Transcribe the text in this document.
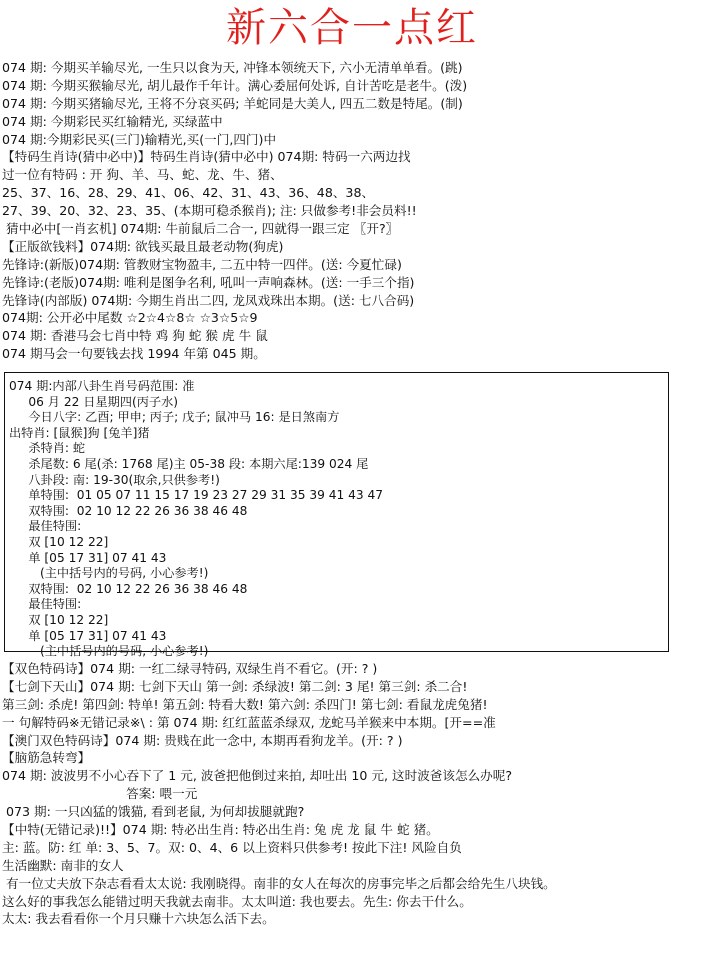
新六合一点红
074 期: 今期买羊输尽光, 一生只以食为天, 冲锋本领统天下, 六小无清单单看。(跳)
074 期: 今期买猴输尽光, 胡儿最作千年计。满心委屈何处诉, 自计苦吃是老牛。(泼)
074 期: 今期买猪输尽光, 王将不分哀买码; 羊蛇同是大美人, 四五二数是特尾。(制)
074 期: 今期彩民买红输精光, 买绿蓝中
074 期:今期彩民买(三门)输精光,买(一门,四门)中
【特码生肖诗(猜中必中)】特码生肖诗(猜中必中) 074期: 特码一六两边找
过一位有特码 : 开 狗、羊、马、蛇、龙、牛、猪、
25、37、16、28、29、41、06、42、31、43、36、48、38、
27、39、20、32、23、35、(本期可稳杀猴肖); 注: 只做参考!非会员料!!
猜中必中[一肖玄机] 074期: 牛前鼠后二合一, 四就得一跟三定 〖开?〗
【正版欲钱料】074期: 欲钱买最且最老动物(狗虎)
先锋诗:(新版)074期: 管教财宝物盈丰, 二五中特一四伴。(送: 今夏忙碌)
先锋诗:(老版)074期: 唯利是图争名利, 吼叫一声响森林。(送: 一手三个指)
先锋诗(内部版) 074期: 今期生肖出二四, 龙凤戏珠出本期。(送: 七八合码)
074期: 公开必中尾数 ☆2☆4☆8☆ ☆3☆5☆9
074 期: 香港马会七肖中特 鸡 狗 蛇 猴 虎 牛 鼠
074 期马会一句要钱去找 1994 年第 045 期。
074 期:内部八卦生肖号码范围: 准
06 月 22 日星期四(丙子水)
今日八字: 乙酉; 甲申; 丙子; 戊子; 鼠冲马 16: 是日煞南方
出特肖: [鼠猴]狗 [兔羊]猪
杀特肖: 蛇
杀尾数: 6 尾(杀: 1768 尾)主 05-38 段: 本期六尾:139 024 尾
八卦段: 南: 19-30(取余,只供参考!)
单特围:  01 05 07 11 15 17 19 23 27 29 31 35 39 41 43 47
双特围:  02 10 12 22 26 36 38 46 48
最佳特围:
双 [10 12 22]
单 [05 17 31] 07 41 43
(主中括号内的号码, 小心参考!)
双特围:  02 10 12 22 26 36 38 46 48
最佳特围:
双 [10 12 22]
单 [05 17 31] 07 41 43
(主中括号内的号码, 小心参考!)
【双色特码诗】074 期: 一红二绿寻特码, 双绿生肖不看它。(开: ? )
【七剑下天山】074 期: 七剑下天山 第一剑: 杀绿波! 第二剑: 3 尾! 第三剑: 杀二合!
第三剑: 杀虎! 第四剑: 特单! 第五剑: 特看大数! 第六剑: 杀四门! 第七剑: 看鼠龙虎兔猪!
一 句解特码※无错记录※\ : 第 074 期: 红红蓝蓝杀绿双, 龙蛇马羊猴来中本期。[开==准
【澳门双色特码诗】074 期: 贵贱在此一念中, 本期再看狗龙羊。(开: ? )
【脑筋急转弯】
074 期: 波波男不小心吞下了 1 元, 波爸把他倒过来拍, 却吐出 10 元, 这时波爸该怎么办呢?
答案: 喂一元
073 期: 一只凶猛的饿猫, 看到老鼠, 为何却拔腿就跑?
【中特(无错记录)!!】074 期: 特必出生肖: 特必出生肖: 兔 虎 龙 鼠 牛 蛇 猪。
主: 蓝。防: 红 单: 3、5、7。双: 0、4、6 以上资料只供参考! 按此下注! 风险自负
生活幽默: 南非的女人
有一位丈夫放下杂志看看太太说: 我刚晓得。南非的女人在每次的房事完毕之后都会给先生八块钱。
这么好的事我怎么能错过明天我就去南非。太太叫道: 我也要去。先生: 你去干什么。
太太: 我去看看你一个月只赚十六块怎么活下去。
